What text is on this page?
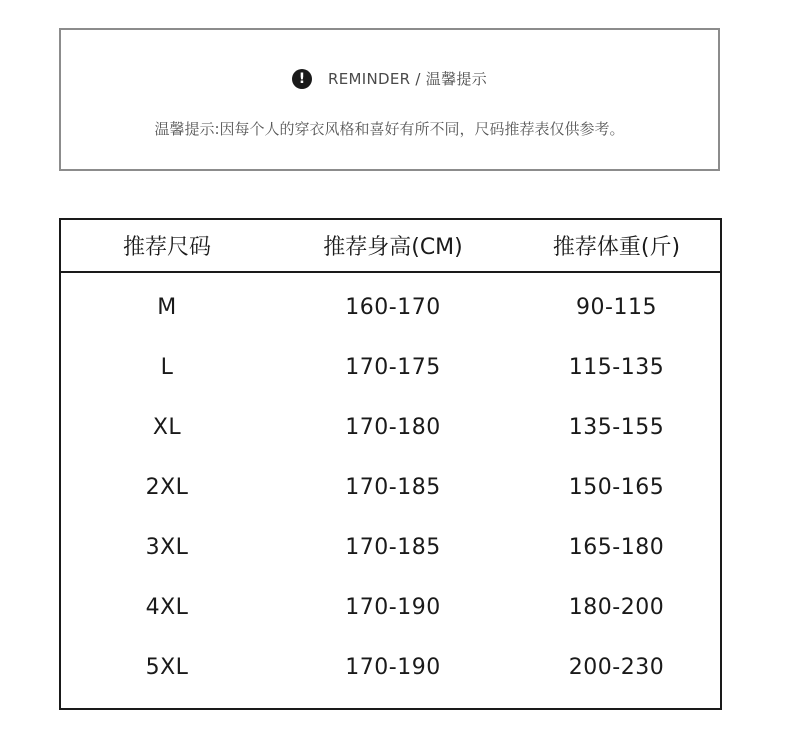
!	REMINDER / 温馨提示
温馨提示:因每个人的穿衣风格和喜好有所不同，尺码推荐表仅供参考。
推荐尺码	推荐身高(CM)	推荐体重(斤)
M	160-170	90-115
L	170-175	115-135
XL	170-180	135-155
2XL	170-185	150-165
3XL	170-185	165-180
4XL	170-190	180-200
5XL	170-190	200-230
